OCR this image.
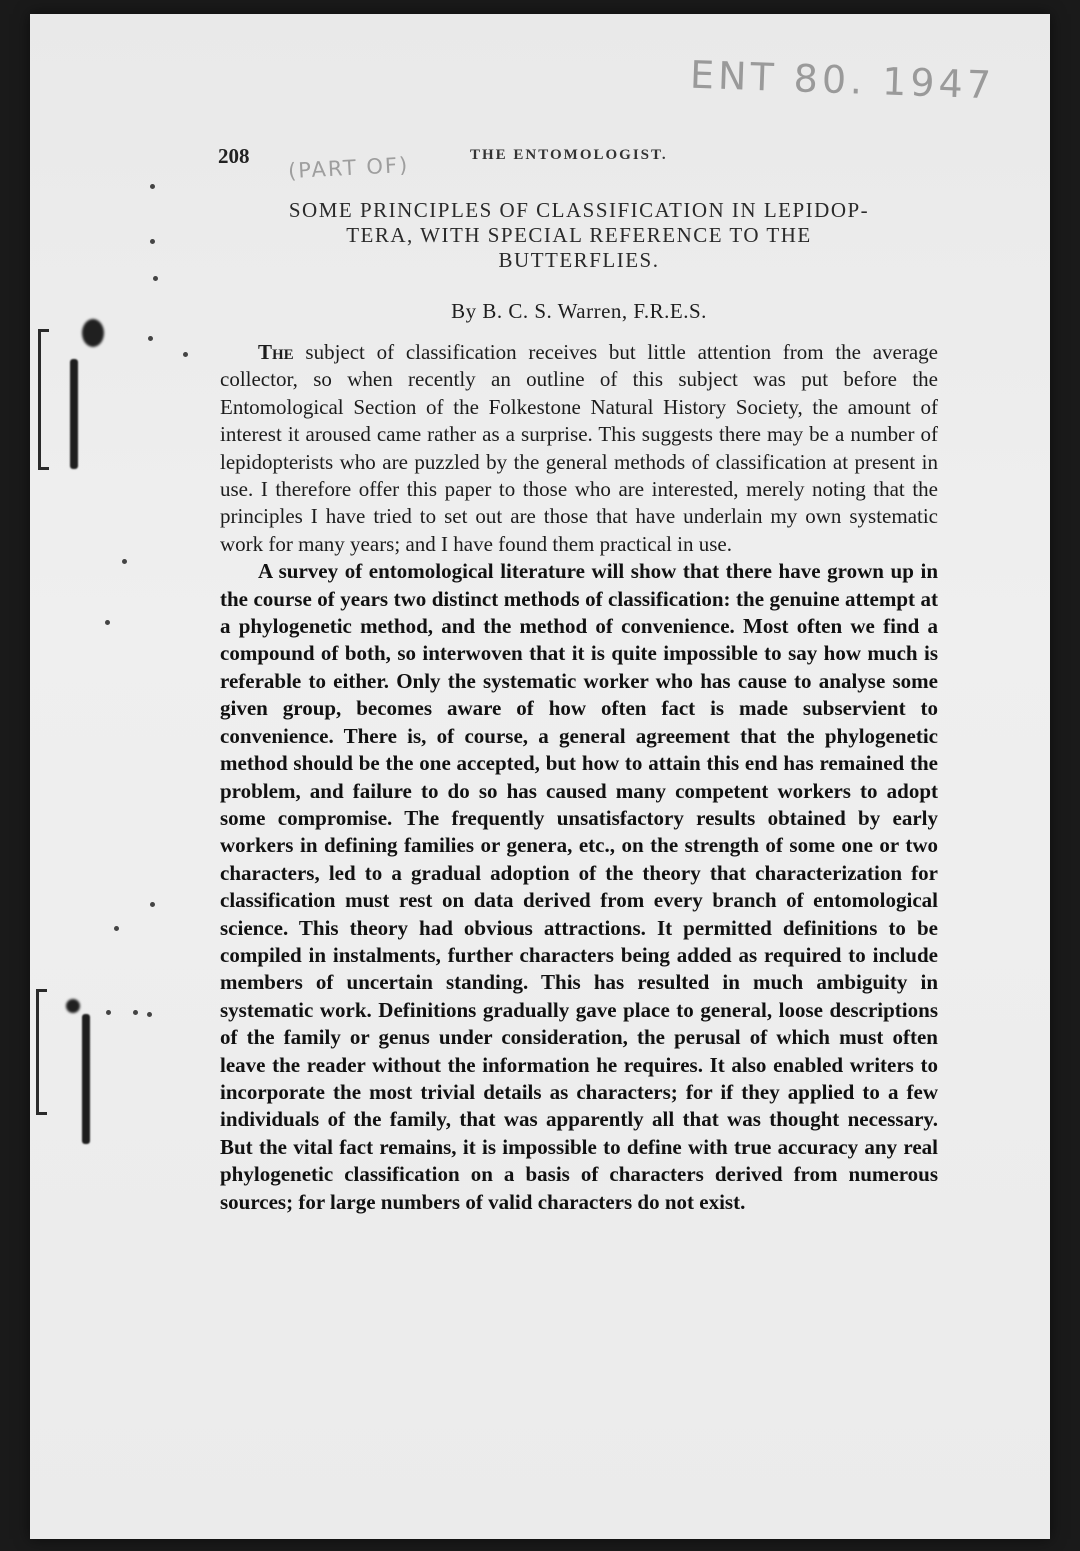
ENT 80. 1947
(PART OF)
208	THE ENTOMOLOGIST.
SOME PRINCIPLES OF CLASSIFICATION IN LEPIDOP-
TERA, WITH SPECIAL REFERENCE TO THE
BUTTERFLIES.
By B. C. S. Warren, F.R.E.S.

The subject of classification receives but little attention from the average collector, so when recently an outline of this subject was put before the Entomological Section of the Folkestone Natural History Society, the amount of interest it aroused came rather as a surprise. This suggests there may be a number of lepidopterists who are puzzled by the general methods of classification at present in use. I therefore offer this paper to those who are interested, merely noting that the principles I have tried to set out are those that have underlain my own systematic work for many years; and I have found them practical in use.

A survey of entomological literature will show that there have grown up in the course of years two distinct methods of classification: the genuine attempt at a phylogenetic method, and the method of convenience. Most often we find a compound of both, so interwoven that it is quite impossible to say how much is referable to either. Only the systematic worker who has cause to analyse some given group, becomes aware of how often fact is made subservient to convenience. There is, of course, a general agreement that the phylogenetic method should be the one accepted, but how to attain this end has remained the problem, and failure to do so has caused many competent workers to adopt some compromise. The frequently unsatisfactory results obtained by early workers in defining families or genera, etc., on the strength of some one or two characters, led to a gradual adoption of the theory that characterization for classification must rest on data derived from every branch of entomological science. This theory had obvious attractions. It permitted definitions to be compiled in instalments, further characters being added as required to include members of uncertain standing. This has resulted in much ambiguity in systematic work. Definitions gradually gave place to general, loose descriptions of the family or genus under consideration, the perusal of which must often leave the reader without the information he requires. It also enabled writers to incorporate the most trivial details as characters; for if they applied to a few individuals of the family, that was apparently all that was thought necessary. But the vital fact remains, it is impossible to define with true accuracy any real phylogenetic classification on a basis of characters derived from numerous sources; for large numbers of valid characters do not exist.
